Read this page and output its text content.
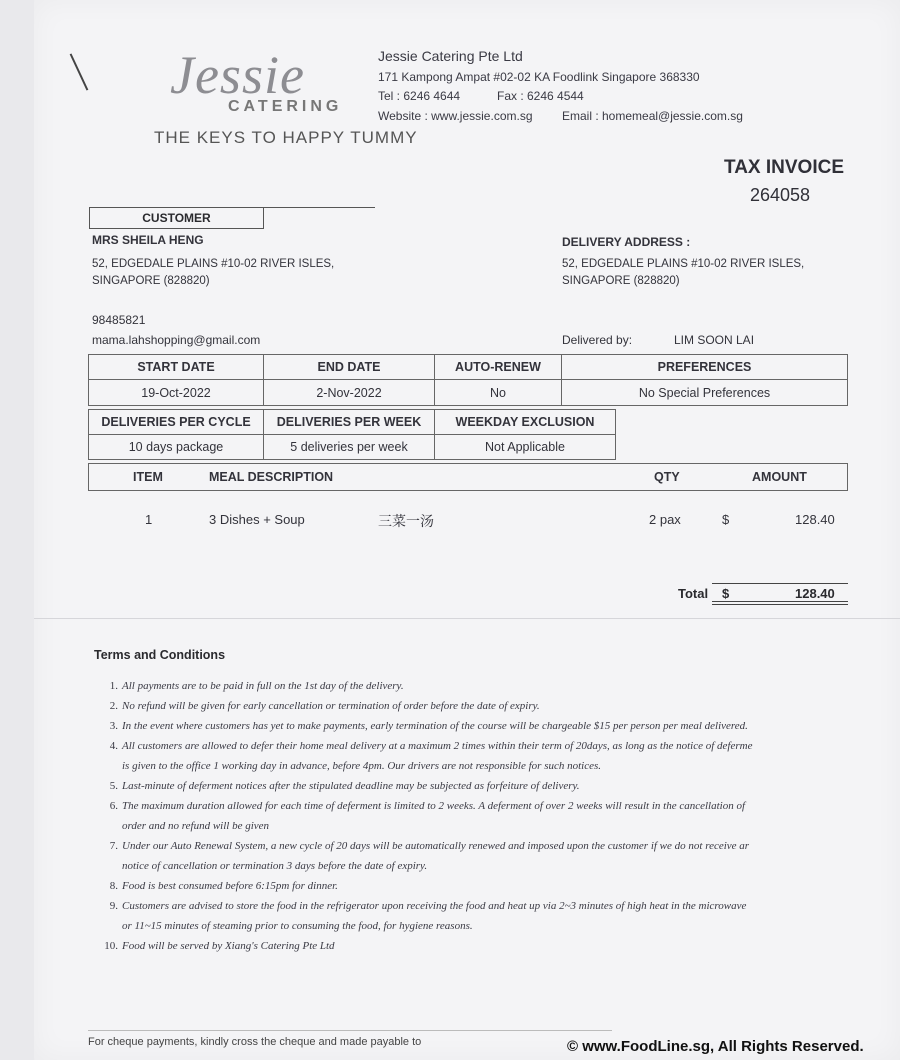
Jessie
CATERING
THE KEYS TO HAPPY TUMMY
Jessie Catering Pte Ltd
171 Kampong Ampat #02-02 KA Foodlink Singapore 368330
Tel : 6246 4644	Fax : 6246 4544
Website : www.jessie.com.sg Email : homemeal@jessie.com.sg
TAX INVOICE
264058
CUSTOMER
MRS SHEILA HENG
52, EDGEDALE PLAINS #10-02 RIVER ISLES,
SINGAPORE (828820)
98485821
mama.lahshopping@gmail.com
DELIVERY ADDRESS :
52, EDGEDALE PLAINS #10-02 RIVER ISLES,
SINGAPORE (828820)
Delivered by:	LIM SOON LAI
START DATE	END DATE	AUTO-RENEW	PREFERENCES
19-Oct-2022	2-Nov-2022	No	No Special Preferences
DELIVERIES PER CYCLE	DELIVERIES PER WEEK	WEEKDAY EXCLUSION
10 days package	5 deliveries per week	Not Applicable
ITEM	MEAL DESCRIPTION	QTY	AMOUNT
1	3 Dishes + Soup	三菜一汤	2 pax	$	128.40
Total $	128.40
Terms and Conditions
1. All payments are to be paid in full on the 1st day of the delivery.
2. No refund will be given for early cancellation or termination of order before the date of expiry.
3. In the event where customers has yet to make payments, early termination of the course will be chargeable $15 per person per meal delivered.
4. All customers are allowed to defer their home meal delivery at a maximum 2 times within their term of 20days, as long as the notice of deferme
is given to the office 1 working day in advance, before 4pm. Our drivers are not responsible for such notices.
5. Last-minute of deferment notices after the stipulated deadline may be subjected as forfeiture of delivery.
6. The maximum duration allowed for each time of deferment is limited to 2 weeks. A deferment of over 2 weeks will result in the cancellation of
order and no refund will be given
7. Under our Auto Renewal System, a new cycle of 20 days will be automatically renewed and imposed upon the customer if we do not receive ar
notice of cancellation or termination 3 days before the date of expiry.
8. Food is best consumed before 6:15pm for dinner.
9. Customers are advised to store the food in the refrigerator upon receiving the food and heat up via 2~3 minutes of high heat in the microwave
or 11~15 minutes of steaming prior to consuming the food, for hygiene reasons.
10. Food will be served by Xiang's Catering Pte Ltd
For cheque payments, kindly cross the cheque and made payable to	© www.FoodLine.sg, All Rights Reserved.
